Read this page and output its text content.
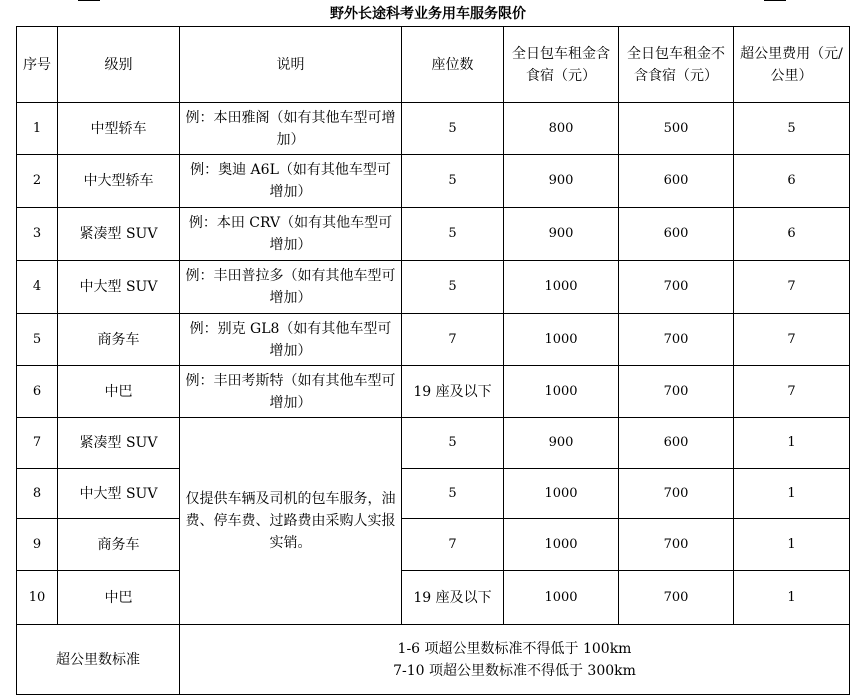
野外长途科考业务用车服务限价
序号	级别	说明	座位数	全日包车租金含食宿（元）	全日包车租金不含食宿（元）	超公里费用（元/公里）
1	中型轿车	例：本田雅阁（如有其他车型可增加）	5	800	500	5
2	中大型轿车	例：奥迪 A6L（如有其他车型可增加）	5	900	600	6
3	紧凑型 SUV	例：本田 CRV（如有其他车型可增加）	5	900	600	6
4	中大型 SUV	例：丰田普拉多（如有其他车型可增加）	5	1000	700	7
5	商务车	例：别克 GL8（如有其他车型可增加）	7	1000	700	7
6	中巴	例：丰田考斯特（如有其他车型可增加）	19 座及以下	1000	700	7
7	紧凑型 SUV	仅提供车辆及司机的包车服务，油费、停车费、过路费由采购人实报实销。	5	900	600	1
8	中大型 SUV		5	1000	700	1
9	商务车		7	1000	700	1
10	中巴		19 座及以下	1000	700	1
超公里数标准		1-6 项超公里数标准不得低于 100km
7-10 项超公里数标准不得低于 300km				
